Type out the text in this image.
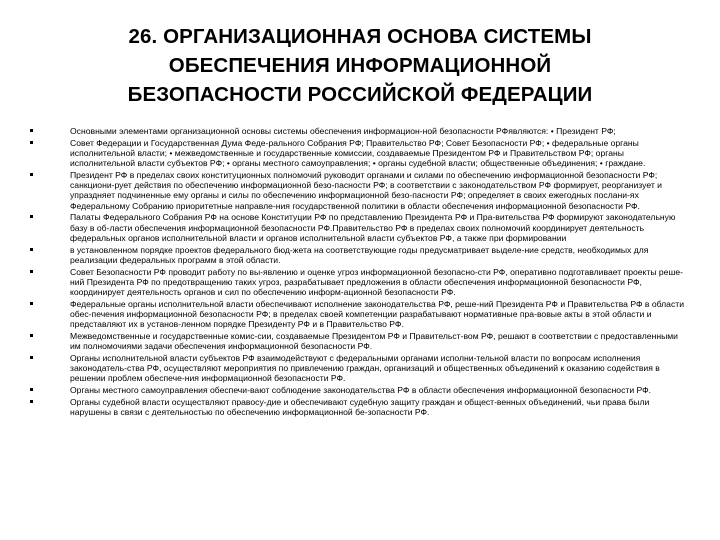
26. ОРГАНИЗАЦИОННАЯ ОСНОВА СИСТЕМЫ
ОБЕСПЕЧЕНИЯ ИНФОРМАЦИОННОЙ
БЕЗОПАСНОСТИ РОССИЙСКОЙ ФЕДЕРАЦИИ
Основными элементами организационной основы системы обеспечения информацион-ной безопасности РФявляются: • Президент РФ;
Совет Федерации и Государственная Дума Феде-рального Собрания РФ; Правительство РФ; Совет Безопасности РФ; • федеральные органы исполнительной власти; • межведомственные и государственные комиссии, создаваемые Президентом РФ и Правительством РФ; органы исполнительной власти субъектов РФ; • органы местного самоуправления; • органы судебной власти; общественные объединения; • граждане.
Президент РФ в пределах своих конституционных полномочий руководит органами и силами по обеспечению информационной безопасности РФ; санкциони-рует действия по обеспечению информационной безо-пасности РФ; в соответствии с законодательством РФ формирует, реорганизует и упраздняет подчиненные ему органы и силы по обеспечению информационной безо-пасности РФ; определяет в своих ежегодных послани-ях Федеральному Собранию приоритетные направле-ния государственной политики в области обеспечения информационной безопасности РФ.
Палаты Федерального Собрания РФ на основе Конституции РФ по представлению Президента РФ и Пра-вительства РФ формируют законодательную базу в об-ласти обеспечения информационной безопасности РФ.Правительство РФ в пределах своих полномочий координирует деятельность федеральных органов исполнительной власти и органов исполнительной власти субъектов РФ, а также при формировании
в установленном порядке проектов федерального бюд-жета на соответствующие годы предусматривает выделе-ние средств, необходимых для реализации федеральных программ в этой области.
Совет Безопасности РФ проводит работу по вы-явлению и оценке угроз информационной безопасно-сти РФ, оперативно подготавливает проекты реше-ний Президента РФ по предотвращению таких угроз, разрабатывает предложения в области обеспечения информационной безопасности РФ, координирует деятельность органов и сил по обеспечению информ-ационной безопасности РФ.
Федеральные органы исполнительной власти обеспечивают исполнение законодательства РФ, реше-ний Президента РФ и Правительства РФ в области обес-печения информационной безопасности РФ; в пределах своей компетенции разрабатывают нормативные пра-вовые акты в этой области и представляют их в установ-ленном порядке Президенту РФ и в Правительство РФ.
Межведомственные и государственные комис-сии, создаваемые Президентом РФ и Правительст-вом РФ, решают в соответствии с предоставленными им полномочиями задачи обеспечения информационной безопасности РФ.
Органы исполнительной власти субъектов РФ взаимодействуют с федеральными органами исполни-тельной власти по вопросам исполнения законодатель-ства РФ, осуществляют мероприятия по привлечению граждан, организаций и общественных объединений к оказанию содействия в решении проблем обеспече-ния информационной безопасности РФ.
Органы местного самоуправления обеспечи-вают соблюдение законодательства РФ в области обеспечения информационной безопасности РФ.
Органы судебной власти осуществляют правосу-дие и обеспечивают судебную защиту граждан и общест-венных объединений, чьи права были нарушены в связи с деятельностью по обеспечению информационной бе-зопасности РФ.
